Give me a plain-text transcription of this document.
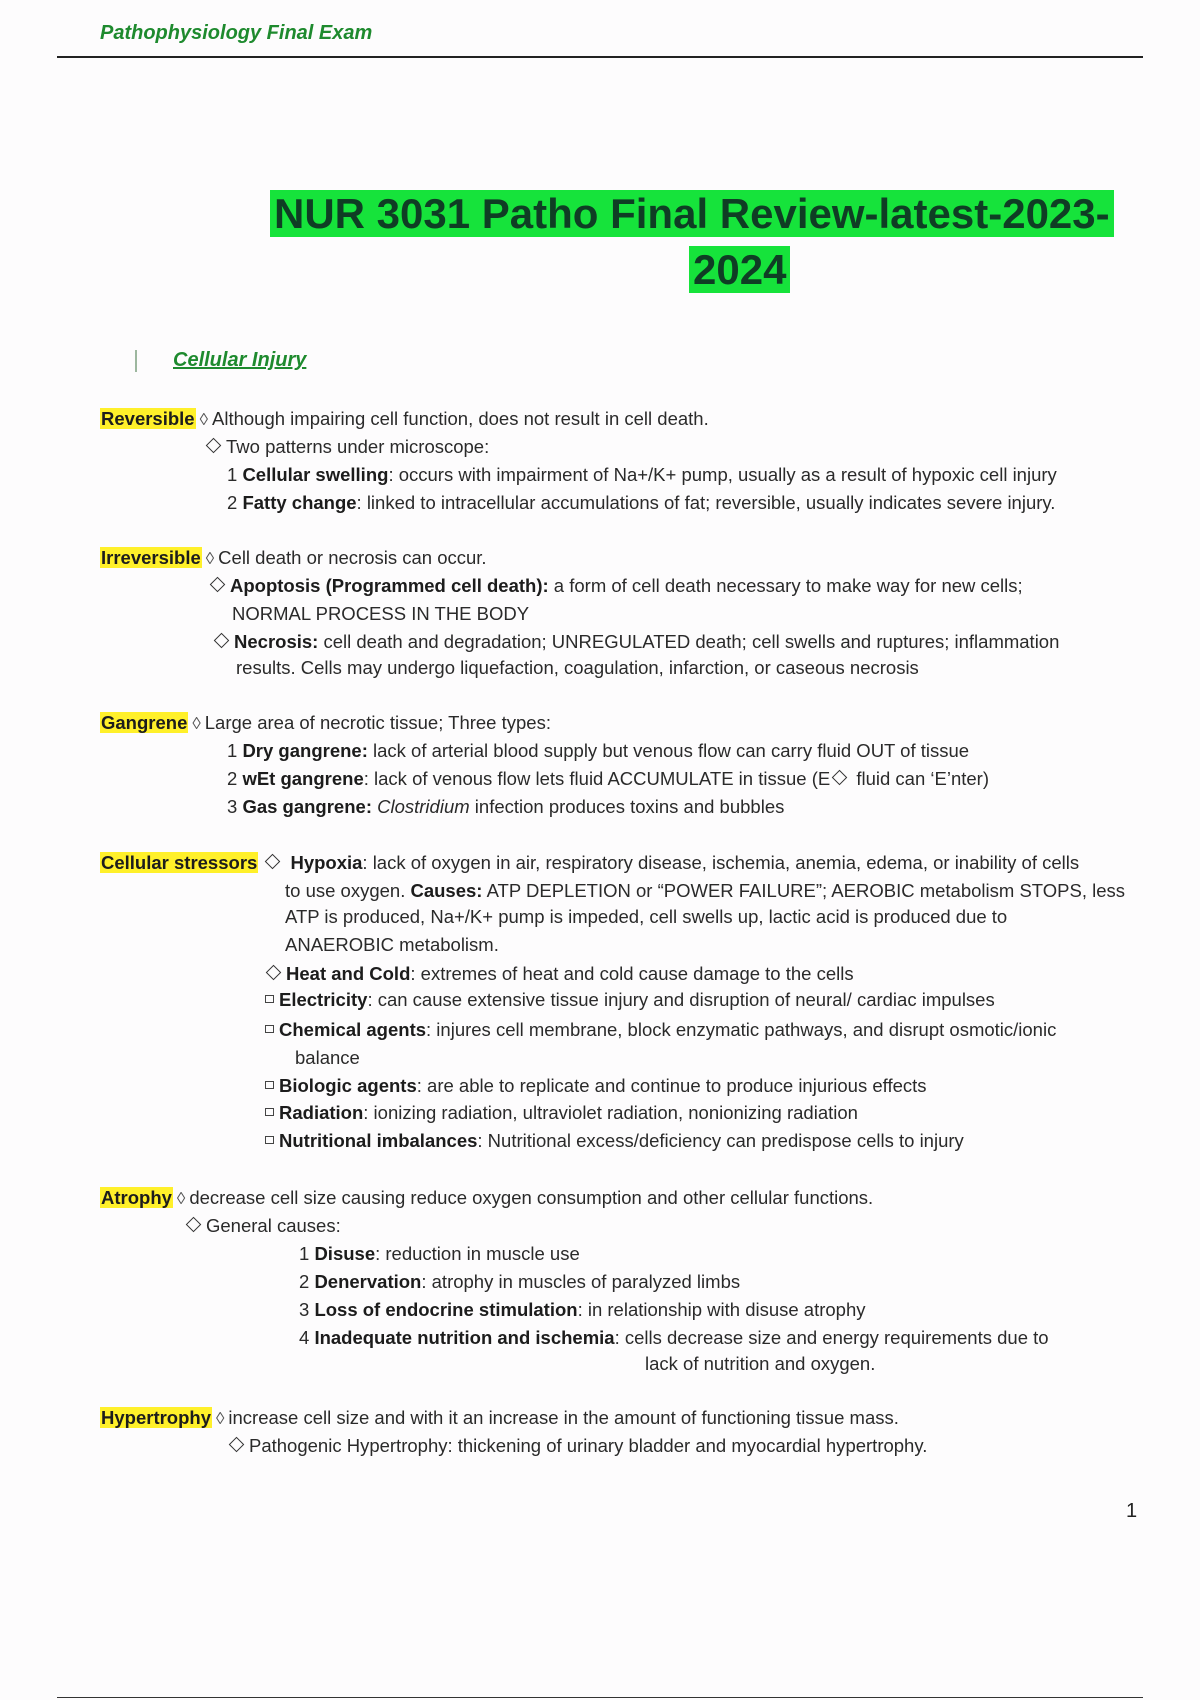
Pathophysiology Final Exam
NUR 3031 Patho Final Review-latest-2023-
2024
Cellular Injury
Reversible ◊ Although impairing cell function, does not result in cell death.
Two patterns under microscope:
1 Cellular swelling: occurs with impairment of Na+/K+ pump, usually as a result of hypoxic cell injury
2 Fatty change: linked to intracellular accumulations of fat; reversible, usually indicates severe injury.
Irreversible ◊ Cell death or necrosis can occur.
Apoptosis (Programmed cell death): a form of cell death necessary to make way for new cells;
NORMAL PROCESS IN THE BODY
Necrosis: cell death and degradation; UNREGULATED death; cell swells and ruptures; inflammation
results. Cells may undergo liquefaction, coagulation, infarction, or caseous necrosis
Gangrene ◊ Large area of necrotic tissue; Three types:
1 Dry gangrene: lack of arterial blood supply but venous flow can carry fluid OUT of tissue
2 wEt gangrene: lack of venous flow lets fluid ACCUMULATE in tissue (E fluid can ‘E’nter)
3 Gas gangrene: Clostridium infection produces toxins and bubbles
Cellular stressors Hypoxia: lack of oxygen in air, respiratory disease, ischemia, anemia, edema, or inability of cells
to use oxygen. Causes: ATP DEPLETION or “POWER FAILURE”; AEROBIC metabolism STOPS, less
ATP is produced, Na+/K+ pump is impeded, cell swells up, lactic acid is produced due to
ANAEROBIC metabolism.
Heat and Cold: extremes of heat and cold cause damage to the cells
Electricity: can cause extensive tissue injury and disruption of neural/ cardiac impulses
Chemical agents: injures cell membrane, block enzymatic pathways, and disrupt osmotic/ionic
balance
Biologic agents: are able to replicate and continue to produce injurious effects
Radiation: ionizing radiation, ultraviolet radiation, nonionizing radiation
Nutritional imbalances: Nutritional excess/deficiency can predispose cells to injury
Atrophy ◊ decrease cell size causing reduce oxygen consumption and other cellular functions.
General causes:
1 Disuse: reduction in muscle use
2 Denervation: atrophy in muscles of paralyzed limbs
3 Loss of endocrine stimulation: in relationship with disuse atrophy
4 Inadequate nutrition and ischemia: cells decrease size and energy requirements due to
lack of nutrition and oxygen.
Hypertrophy ◊ increase cell size and with it an increase in the amount of functioning tissue mass.
Pathogenic Hypertrophy: thickening of urinary bladder and myocardial hypertrophy.
1
